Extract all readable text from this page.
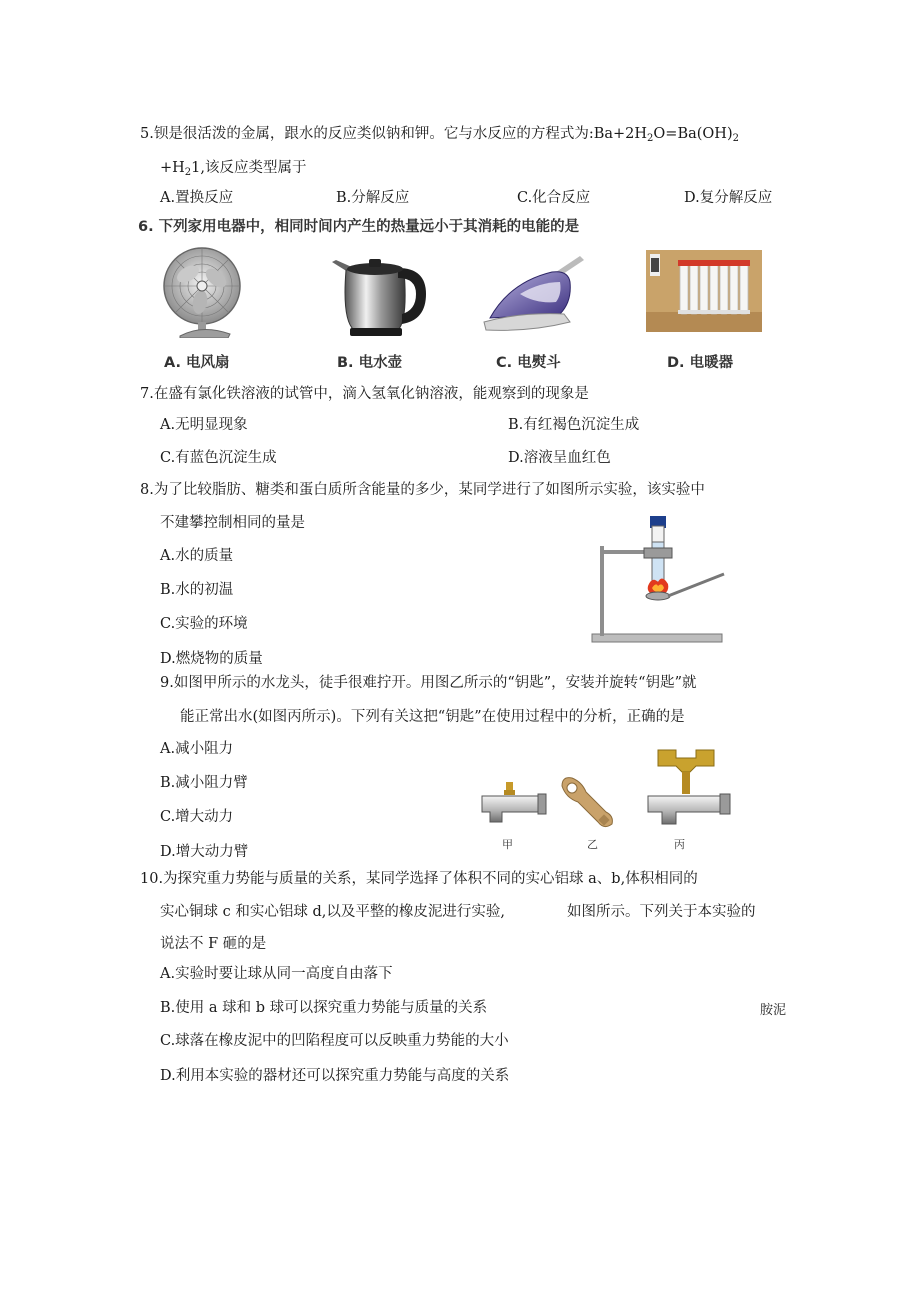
5.钡是很活泼的金属，跟水的反应类似钠和钾。它与水反应的方程式为$:Ba+2H_2O=Ba(OH)_2$
$+H_21$,该反应类型属于
A.置换反应	B.分解反应	C.化合反应	D.复分解反应
6. 下列家用电器中，相同时间内产生的热量远小于其消耗的电能的是
A. 电风扇	B. 电水壶	C. 电熨斗	D. 电暖器
7.在盛有氯化铁溶液的试管中，滴入氢氧化钠溶液，能观察到的现象是
A.无明显现象	B.有红褐色沉淀生成
C.有蓝色沉淀生成	D.溶液呈血红色
8.为了比较脂肪、糖类和蛋白质所含能量的多少，某同学进行了如图所示实验，该实验中
不建攀控制相同的量是
A.水的质量
B.水的初温
C.实验的环境
D.燃烧物的质量
9.如图甲所示的水龙头，徒手很难拧开。用图乙所示的“钥匙”，安装并旋转“钥匙”就
能正常出水(如图丙所示)。下列有关这把“钥匙”在使用过程中的分析，正确的是
A.减小阻力
B.减小阻力臂
C.增大动力
D.增大动力臂	甲	乙	丙
10.为探究重力势能与质量的关系，某同学选择了体积不同的实心铝球 a、b,体积相同的
实心铜球 c 和实心铝球 d,以及平整的橡皮泥进行实验,	如图所示。下列关于本实验的
说法不 F 砸的是
A.实验时要让球从同一高度自由落下
B.使用 a 球和 b 球可以探究重力势能与质量的关系
C.球落在橡皮泥中的凹陷程度可以反映重力势能的大小
D.利用本实验的器材还可以探究重力势能与高度的关系
胺泥
